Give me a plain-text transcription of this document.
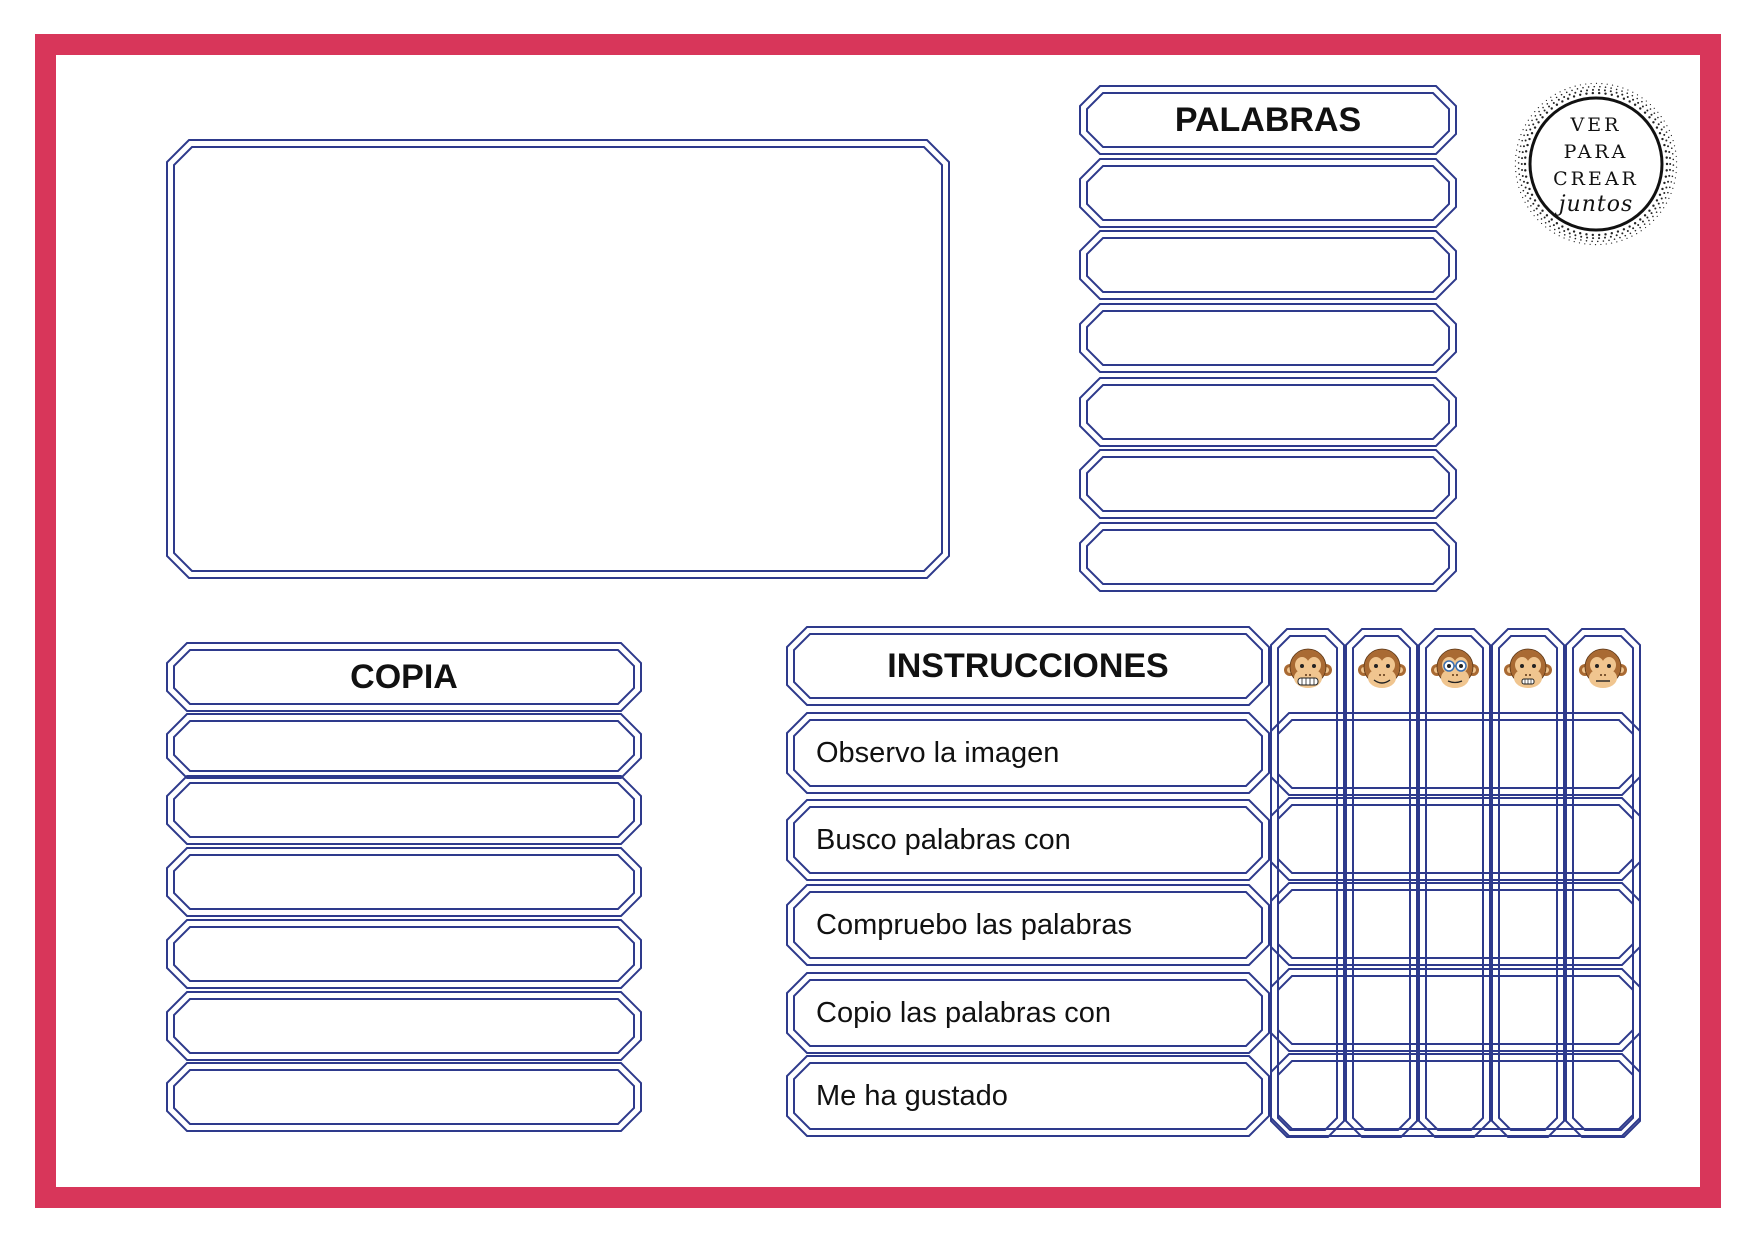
PALABRAS	VER
PARA
CREAR
juntos
COPIA	INSTRUCCIONES
Observo la imagen
Busco palabras con
Compruebo las palabras
Copio las palabras con
Me ha gustado
